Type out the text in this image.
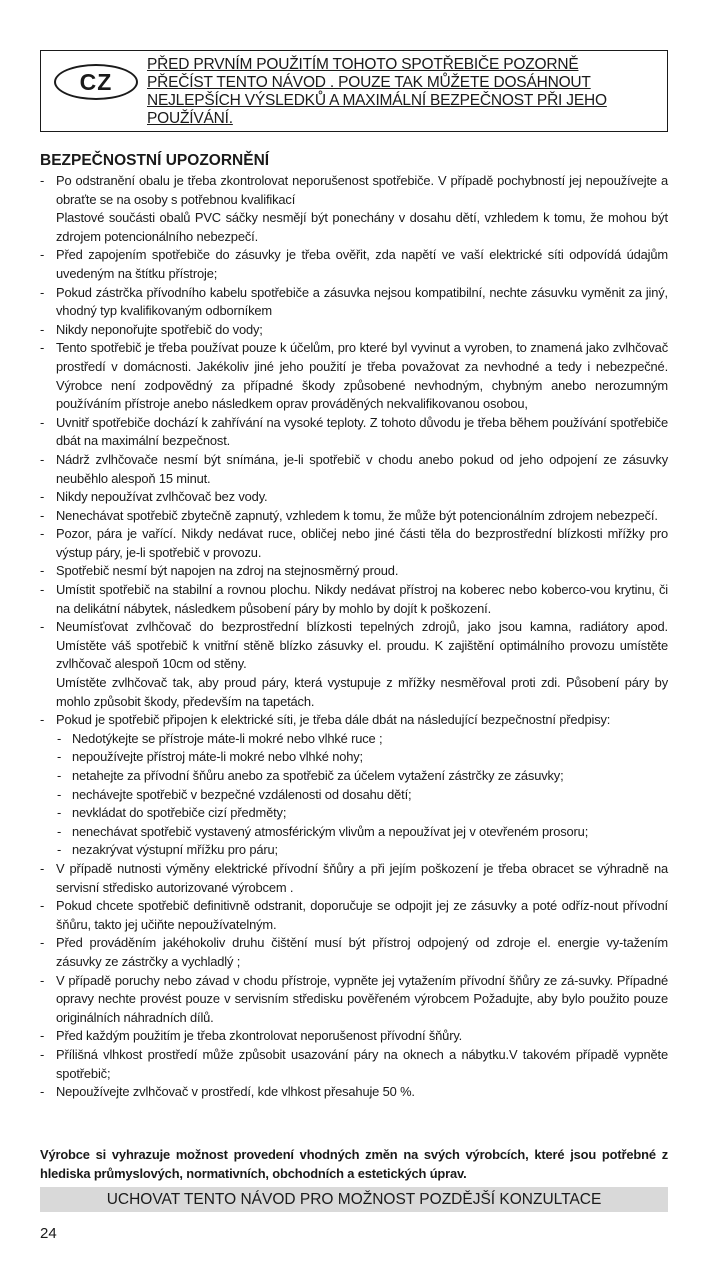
CZ
PŘED PRVNÍM POUŽITÍM TOHOTO SPOTŘEBIČE POZORNĚ
PŘEČÍST TENTO NÁVOD . POUZE TAK MŮŽETE DOSÁHNOUT
NEJLEPŠÍCH VÝSLEDKŮ A MAXIMÁLNÍ BEZPEČNOST PŘI JEHO
POUŽÍVÁNÍ.
BEZPEČNOSTNÍ UPOZORNĚNÍ
- Po odstranění obalu je třeba zkontrolovat neporušenost spotřebiče. V případě pochybností jej nepoužívejte a obraťte se na osoby s potřebnou kvalifikací
Plastové součásti obalů PVC sáčky nesmějí být ponechány v dosahu dětí, vzhledem k tomu, že mohou být zdrojem potencionálního nebezpečí.
- Před zapojením spotřebiče do zásuvky je třeba ověřit, zda napětí ve vaší elektrické síti odpovídá údajům uvedeným na štítku přístroje;
- Pokud zástrčka přívodního kabelu spotřebiče a zásuvka nejsou kompatibilní, nechte zásuvku vyměnit za jiný, vhodný typ kvalifikovaným odborníkem
- Nikdy neponořujte spotřebič do vody;
- Tento spotřebič je třeba používat pouze k účelům, pro které byl vyvinut a vyroben, to znamená jako zvlhčovač prostředí v domácnosti. Jakékoliv jiné jeho použití je třeba považovat za nevhodné a tedy i nebezpečné. Výrobce není zodpovědný za případné škody způsobené nevhodným, chybným anebo nerozumným používáním přístroje anebo následkem oprav prováděných nekvalifikovanou osobou,
- Uvnitř spotřebiče dochází k zahřívání na vysoké teploty. Z tohoto důvodu je třeba během používání spotřebiče dbát na maximální bezpečnost.
- Nádrž zvlhčovače nesmí být snímána, je-li spotřebič v chodu anebo pokud od jeho odpojení ze zásuvky neuběhlo alespoň 15 minut.
- Nikdy nepoužívat zvlhčovač bez vody.
- Nenechávat spotřebič zbytečně zapnutý, vzhledem k tomu, že může být potencionálním zdrojem nebezpečí.
- Pozor, pára je vařící. Nikdy nedávat ruce, obličej nebo jiné části těla do bezprostřední blízkosti mřížky pro výstup páry, je-li spotřebič v provozu.
- Spotřebič nesmí být napojen na zdroj na stejnosměrný proud.
- Umístit spotřebič na stabilní a rovnou plochu. Nikdy nedávat přístroj na koberec nebo koberco-vou krytinu, či na delikátní nábytek, následkem působení páry by mohlo by dojít k poškození.
- Neumísťovat zvlhčovač do bezprostřední blízkosti tepelných zdrojů, jako jsou kamna, radiátory apod. Umístěte váš spotřebič k vnitřní stěně blízko zásuvky el. proudu. K zajištění optimálního provozu umístěte zvlhčovač alespoň 10cm od stěny.
Umístěte zvlhčovač tak, aby proud páry, která vystupuje z mřížky nesměřoval proti zdi. Působení páry by mohlo způsobit škody, především na tapetách.
- Pokud je spotřebič připojen k elektrické síti, je třeba dále dbát na následující bezpečnostní předpisy:
- Nedotýkejte se přístroje máte-li mokré nebo vlhké ruce ;
- nepoužívejte přístroj máte-li mokré nebo vlhké nohy;
- netahejte za přívodní šňůru anebo za spotřebič za účelem vytažení zástrčky ze zásuvky;
- nechávejte spotřebič v bezpečné vzdálenosti od dosahu dětí;
- nevkládat do spotřebiče cizí předměty;
- nenechávat spotřebič vystavený atmosférickým vlivům a nepoužívat jej v otevřeném prosoru;
- nezakrývat výstupní mřížku pro páru;
- V případě nutnosti výměny elektrické přívodní šňůry a při jejím poškození je třeba obracet se výhradně na servisní středisko autorizované výrobcem .
- Pokud chcete spotřebič definitivně odstranit, doporučuje se odpojit jej ze zásuvky a poté odříz-nout přívodní šňůru, takto jej učiňte nepoužívatelným.
- Před prováděním jakéhokoliv druhu čištění musí být přístroj odpojený od zdroje el. energie vy-tažením zásuvky ze zástrčky a vychladlý ;
- V případě poruchy nebo závad v chodu přístroje, vypněte jej vytažením přívodní šňůry ze zá-suvky. Případné opravy nechte provést pouze v servisním středisku pověřeném výrobcem Požadujte, aby bylo použito pouze originálních náhradních dílů.
- Před každým použitím je třeba zkontrolovat neporušenost přívodní šňůry.
- Přílišná vlhkost prostředí může způsobit usazování páry na oknech a nábytku.V takovém případě vypněte spotřebič;
- Nepoužívejte zvlhčovač v prostředí, kde vlhkost přesahuje 50 %.
Výrobce si vyhrazuje možnost provedení vhodných změn na svých výrobcích, které jsou potřebné z hlediska průmyslových, normativních, obchodních a estetických úprav.
UCHOVAT TENTO NÁVOD PRO MOŽNOST POZDĚJŠÍ KONZULTACE
24
